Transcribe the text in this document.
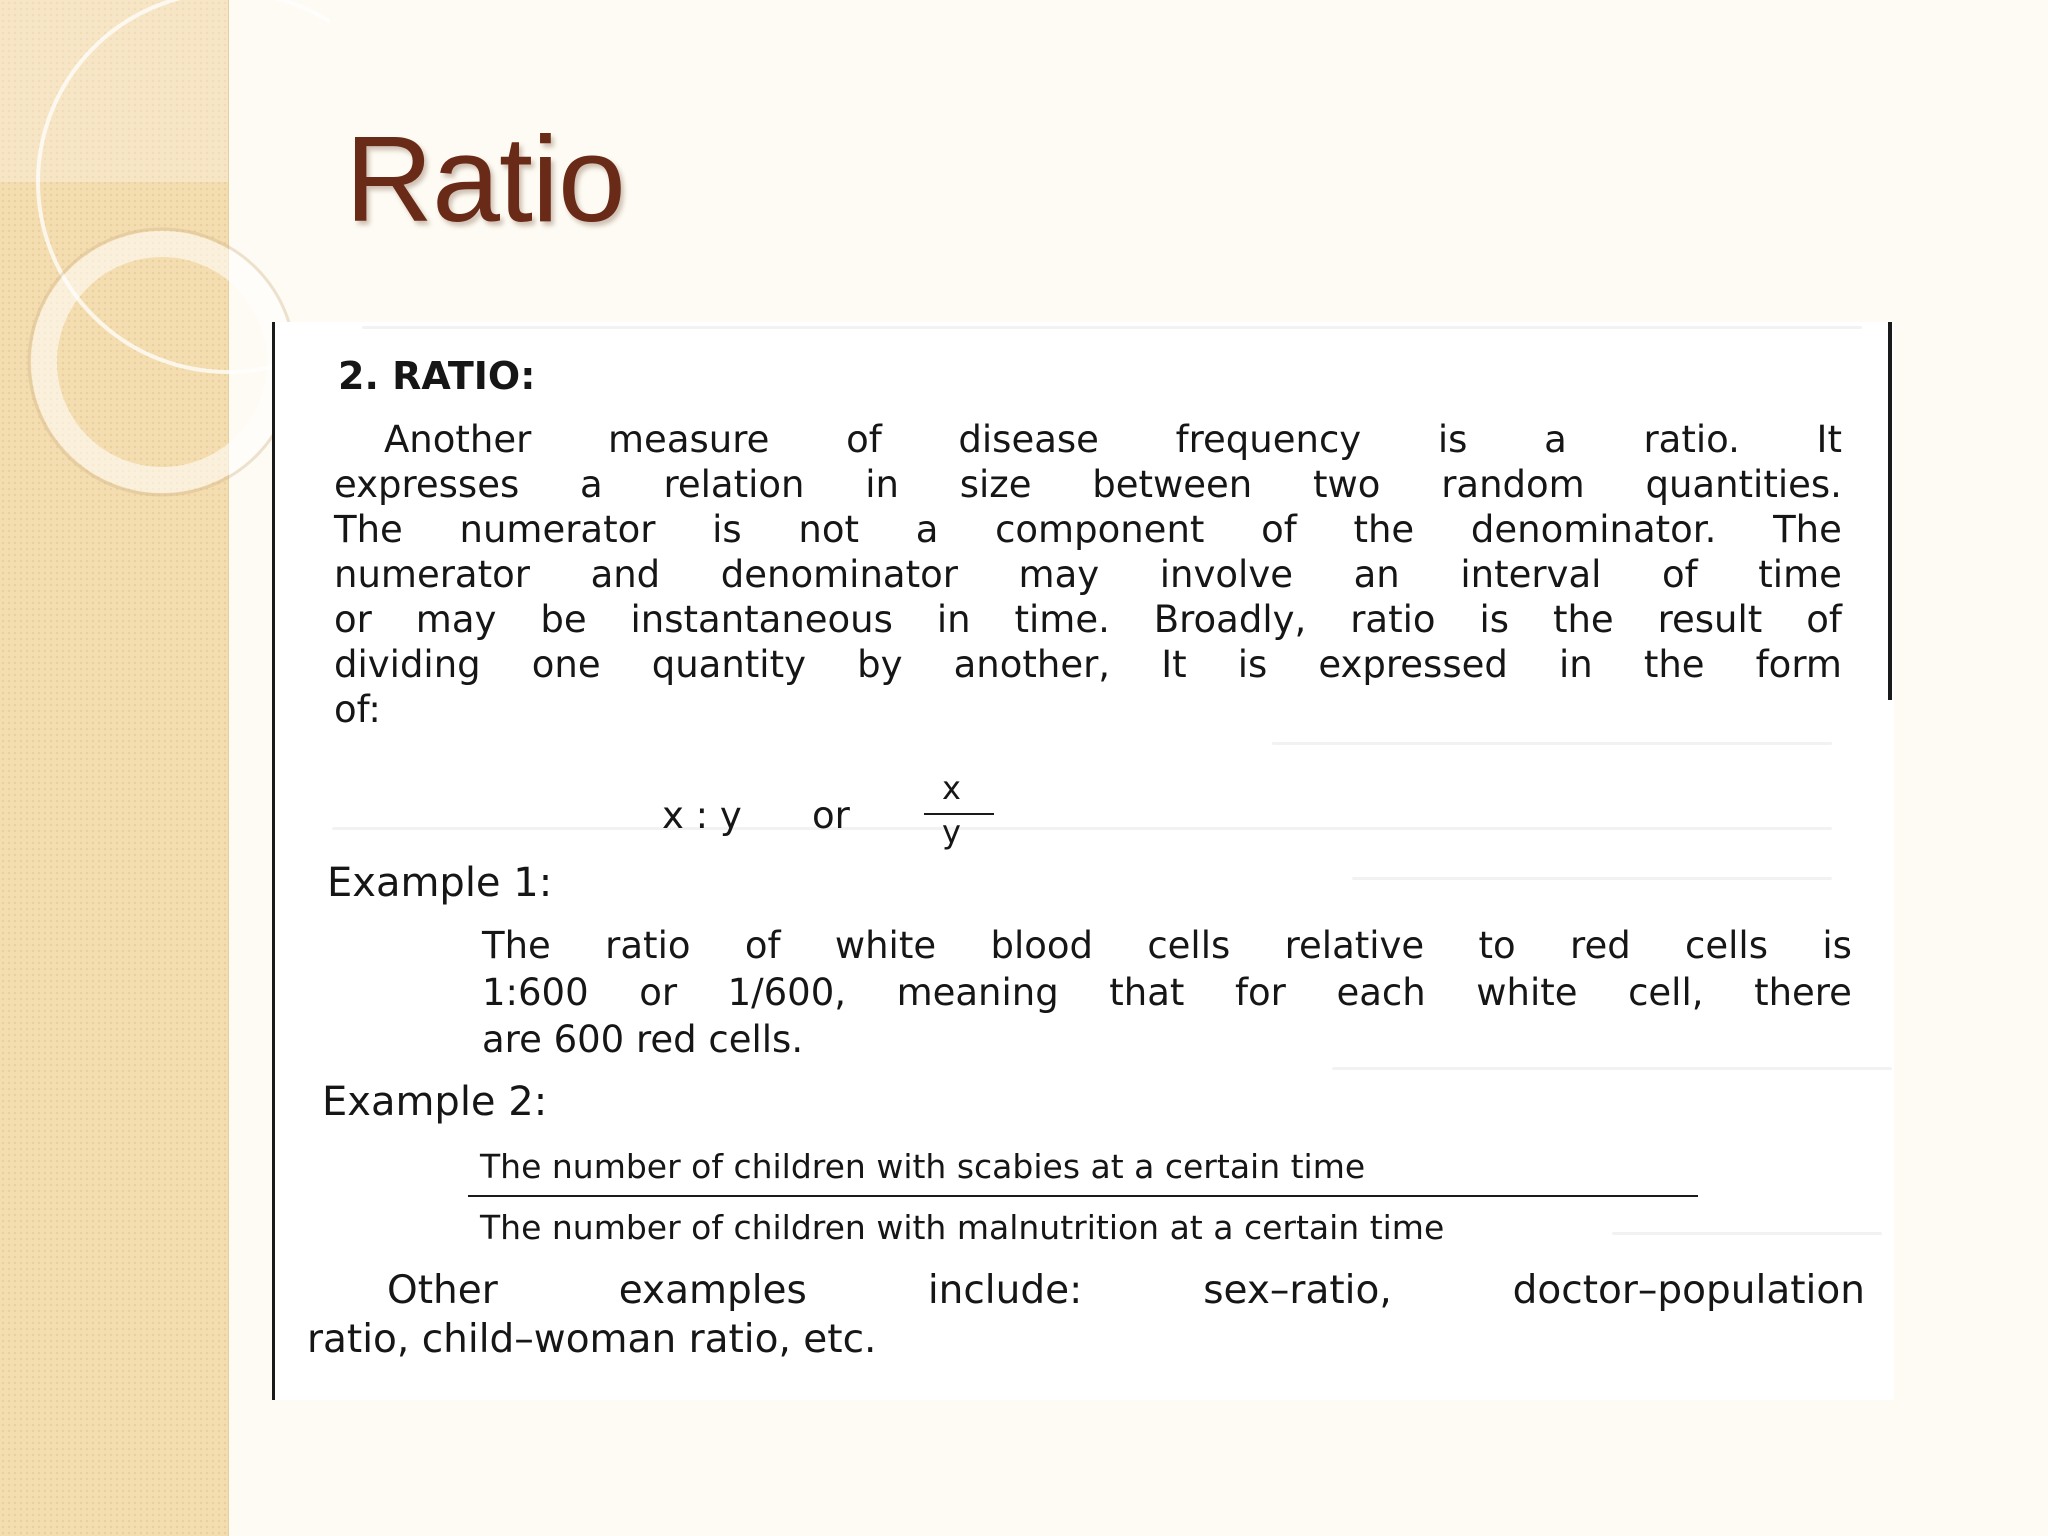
Ratio
2. RATIO:
Another measure of disease frequency is a ratio. It
expresses a relation in size between two random quantities.
The numerator is not a component of the denominator. The
numerator and denominator may involve an interval of time
or may be instantaneous in time. Broadly, ratio is the result of
dividing one quantity by another, It is expressed in the form
of:
x : y or
x
y
Example 1:
The ratio of white blood cells relative to red cells is
1:600 or 1/600, meaning that for each white cell, there
are 600 red cells.
Example 2:
The number of children with scabies at a certain time
The number of children with malnutrition at a certain time
Other	examples	include:	sex–ratio,	doctor–population
ratio, child–woman ratio, etc.
